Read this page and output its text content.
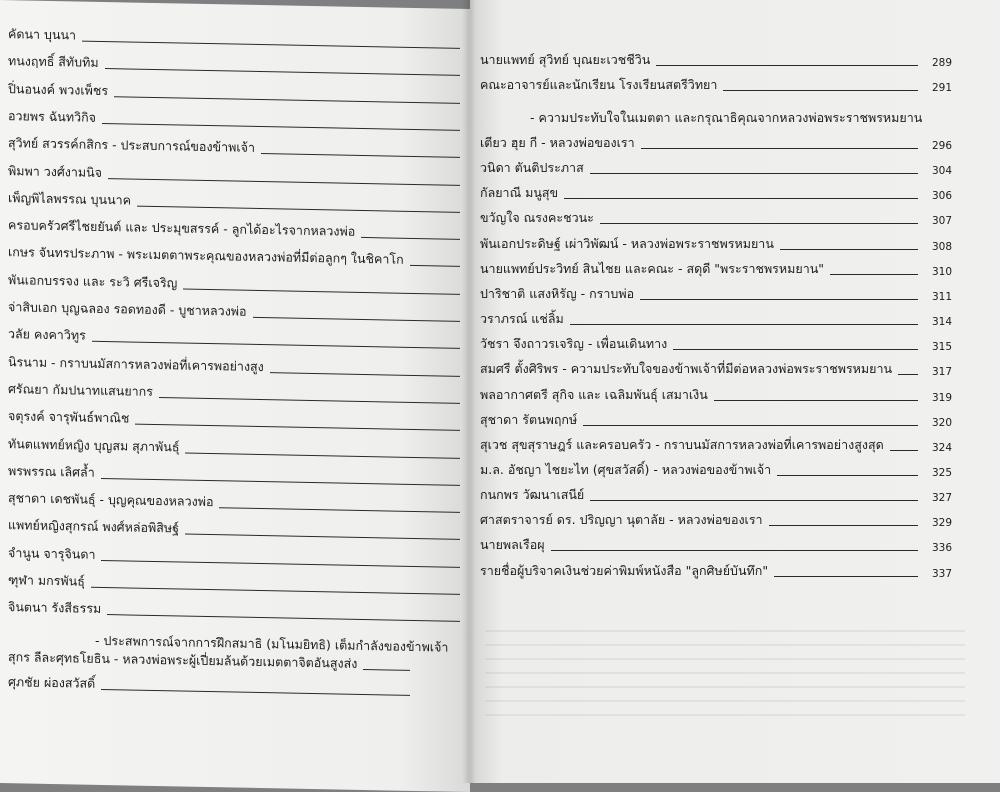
คัดนา บุนนา
ทนงฤทธิ์ สีทับทิม
ปิ่นอนงค์ พวงเพ็ชร
อวยพร ฉันทวิกิจ
สุวิทย์ สวรรค์กสิกร - ประสบการณ์ของข้าพเจ้า
พิมพา วงศ์งามนิจ
เพ็ญพิไลพรรณ บุนนาค
ครอบครัวศรีไชยยันต์ และ ประมุขสรรค์ - ลูกได้อะไรจากหลวงพ่อ
เกษร จันทรประภาพ - พระเมตตาพระคุณของหลวงพ่อที่มีต่อลูกๆ ในชิคาโก
พันเอกบรรจง และ ระวิ ศรีเจริญ
จ่าสิบเอก บุญฉลอง รอดทองดี - บูชาหลวงพ่อ
วลัย คงคาวิทูร
นิรนาม - กราบนมัสการหลวงพ่อที่เคารพอย่างสูง
ศรัณยา กัมปนาทแสนยากร
จตุรงค์ จารุพันธ์พาณิช
ทันตแพทย์หญิง บุญสม สุภาพันธุ์
พรพรรณ เลิศล้ำ
สุชาดา เดชพันธุ์ - บุญคุณของหลวงพ่อ
แพทย์หญิงสุกรณ์ พงศ์หล่อพิสิษฐ์
จำนูน จารุจินดา
ฑุฬา มกรพันธุ์
จินตนา รังสีธรรม
- ประสพการณ์จากการฝึกสมาธิ (มโนมยิทธิ) เต็มกำลังของข้าพเจ้า
สุกร ลีละศุทธโยธิน - หลวงพ่อพระผู้เปี่ยมล้นด้วยเมตตาจิตอันสูงส่ง
ศุภชัย ผ่องสวัสดิ์
นายแพทย์ สุวิทย์ บุณยะเวชชีวิน	289
คณะอาจารย์และนักเรียน โรงเรียนสตรีวิทยา	291
- ความประทับใจในเมตตา และกรุณาธิคุณจากหลวงพ่อพระราชพรหมยาน
เตียว ฮุย กี - หลวงพ่อของเรา	296
วนิดา ตันติประภาส	304
กัลยาณี มนูสุข	306
ขวัญใจ ณรงคะชวนะ	307
พันเอกประดิษฐ์ เผ่าวิพัฒน์ - หลวงพ่อพระราชพรหมยาน	308
นายแพทย์ประวิทย์ สินไชย และคณะ - สดุดี "พระราชพรหมยาน"	310
ปาริชาติ แสงหิรัญ - กราบพ่อ	311
วราภรณ์ แช่ลิ้ม	314
วัชรา จึงถาวรเจริญ - เพื่อนเดินทาง	315
สมศรี ตั้งศิริพร - ความประทับใจของข้าพเจ้าที่มีต่อหลวงพ่อพระราชพรหมยาน	317
พลอากาศตรี สุกิจ และ เฉลิมพันธุ์ เสมาเงิน	319
สุชาดา รัตนพฤกษ์	320
สุเวช สุขสุราษฎร์ และครอบครัว - กราบนมัสการหลวงพ่อที่เคารพอย่างสูงสุด	324
ม.ล. อัชญา ไชยะไท (ศุขสวัสดิ์) - หลวงพ่อของข้าพเจ้า	325
กนกพร วัฒนาเสนีย์	327
ศาสตราจารย์ ดร. ปริญญา นุตาลัย - หลวงพ่อของเรา	329
นายพลเรือผุ	336
รายชื่อผู้บริจาคเงินช่วยค่าพิมพ์หนังสือ "ลูกศิษย์บันทึก"	337
